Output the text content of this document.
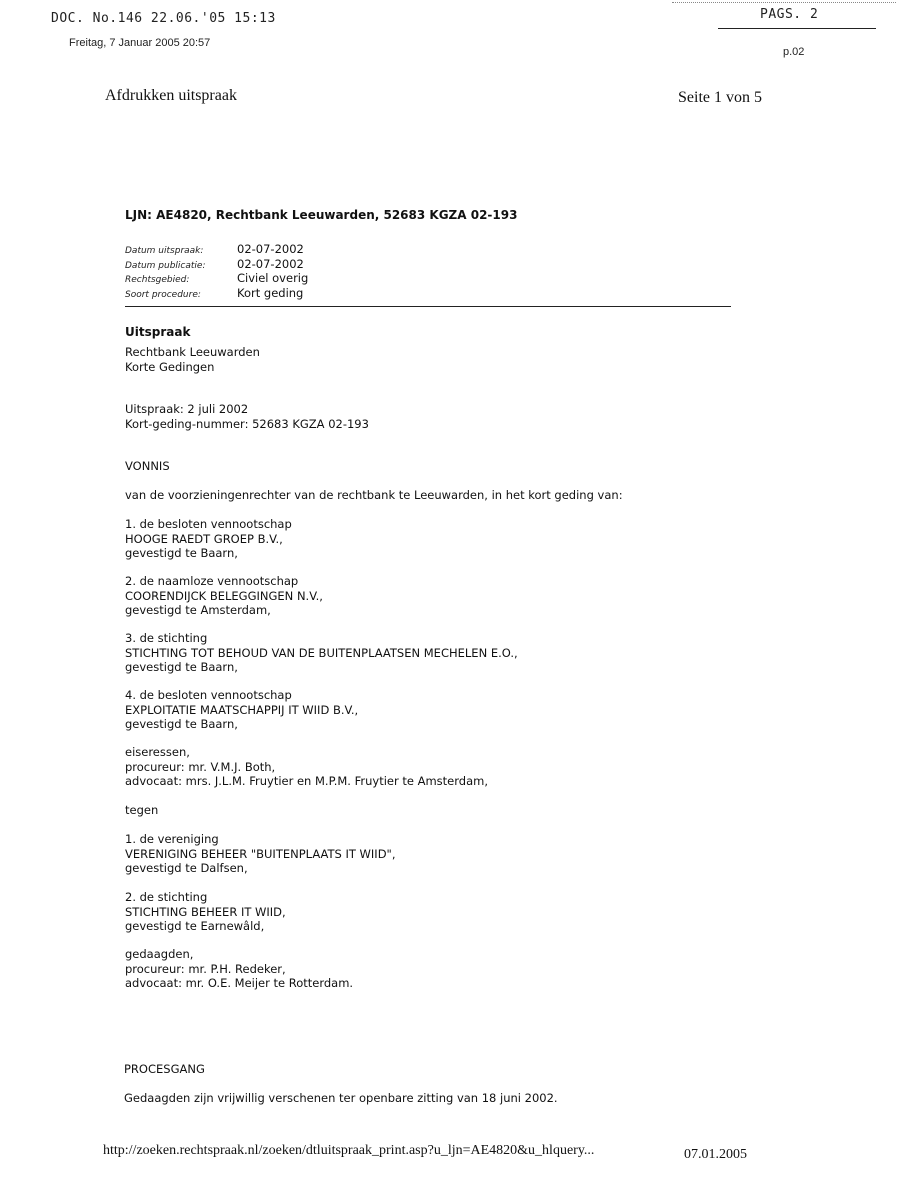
DOC. No.146 22.06.'05 15:13	PAGS. 2
Freitag, 7 Januar 2005 20:57
p.02
Afdrukken uitspraak	Seite 1 von 5
LJN: AE4820, Rechtbank Leeuwarden, 52683 KGZA 02-193
Datum uitspraak:	02-07-2002
Datum publicatie:	02-07-2002
Rechtsgebied:	Civiel overig
Soort procedure:	Kort geding
Uitspraak
Rechtbank Leeuwarden
Korte Gedingen
Uitspraak: 2 juli 2002
Kort-geding-nummer: 52683 KGZA 02-193
VONNIS
van de voorzieningenrechter van de rechtbank te Leeuwarden, in het kort geding van:
1. de besloten vennootschap
HOOGE RAEDT GROEP B.V.,
gevestigd te Baarn,
2. de naamloze vennootschap
COORENDIJCK BELEGGINGEN N.V.,
gevestigd te Amsterdam,
3. de stichting
STICHTING TOT BEHOUD VAN DE BUITENPLAATSEN MECHELEN E.O.,
gevestigd te Baarn,
4. de besloten vennootschap
EXPLOITATIE MAATSCHAPPIJ IT WIID B.V.,
gevestigd te Baarn,
eiseressen,
procureur: mr. V.M.J. Both,
advocaat: mrs. J.L.M. Fruytier en M.P.M. Fruytier te Amsterdam,
tegen
1. de vereniging
VERENIGING BEHEER "BUITENPLAATS IT WIID",
gevestigd te Dalfsen,
2. de stichting
STICHTING BEHEER IT WIID,
gevestigd te Earnewâld,
gedaagden,
procureur: mr. P.H. Redeker,
advocaat: mr. O.E. Meijer te Rotterdam.
PROCESGANG
Gedaagden zijn vrijwillig verschenen ter openbare zitting van 18 juni 2002.
http://zoeken.rechtspraak.nl/zoeken/dtluitspraak_print.asp?u_ljn=AE4820&u_hlquery...	07.01.2005
